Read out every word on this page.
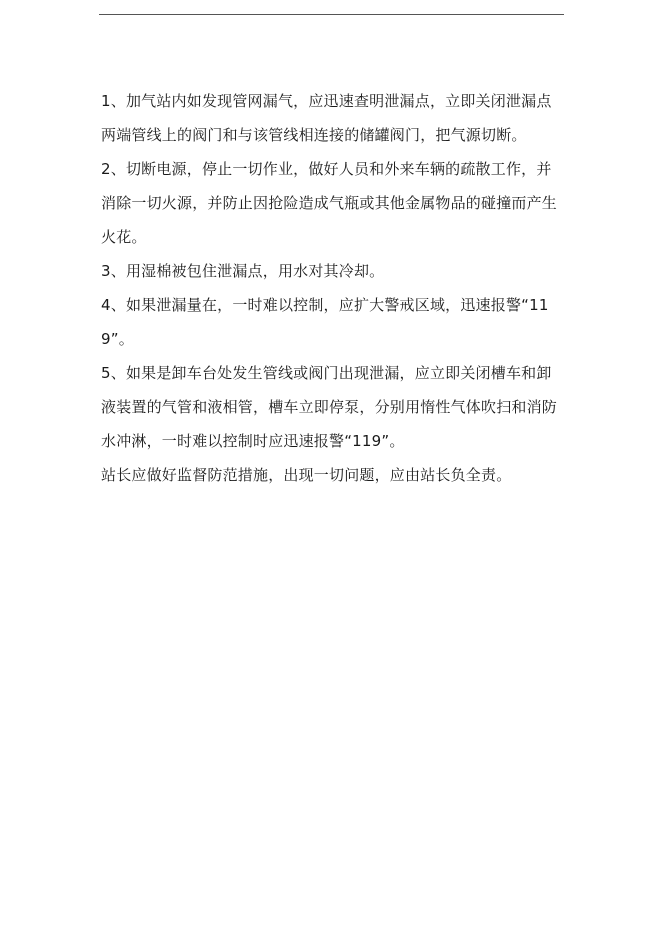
1、加气站内如发现管网漏气，应迅速查明泄漏点，立即关闭泄漏点两端管线上的阀门和与该管线相连接的储罐阀门，把气源切断。

2、切断电源，停止一切作业，做好人员和外来车辆的疏散工作，并消除一切火源，并防止因抢险造成气瓶或其他金属物品的碰撞而产生火花。

3、用湿棉被包住泄漏点，用水对其冷却。

4、如果泄漏量在，一时难以控制，应扩大警戒区域，迅速报警“119”。

5、如果是卸车台处发生管线或阀门出现泄漏，应立即关闭槽车和卸液装置的气管和液相管，槽车立即停泵，分别用惰性气体吹扫和消防水冲淋，一时难以控制时应迅速报警“119”。

站长应做好监督防范措施，出现一切问题，应由站长负全责。
